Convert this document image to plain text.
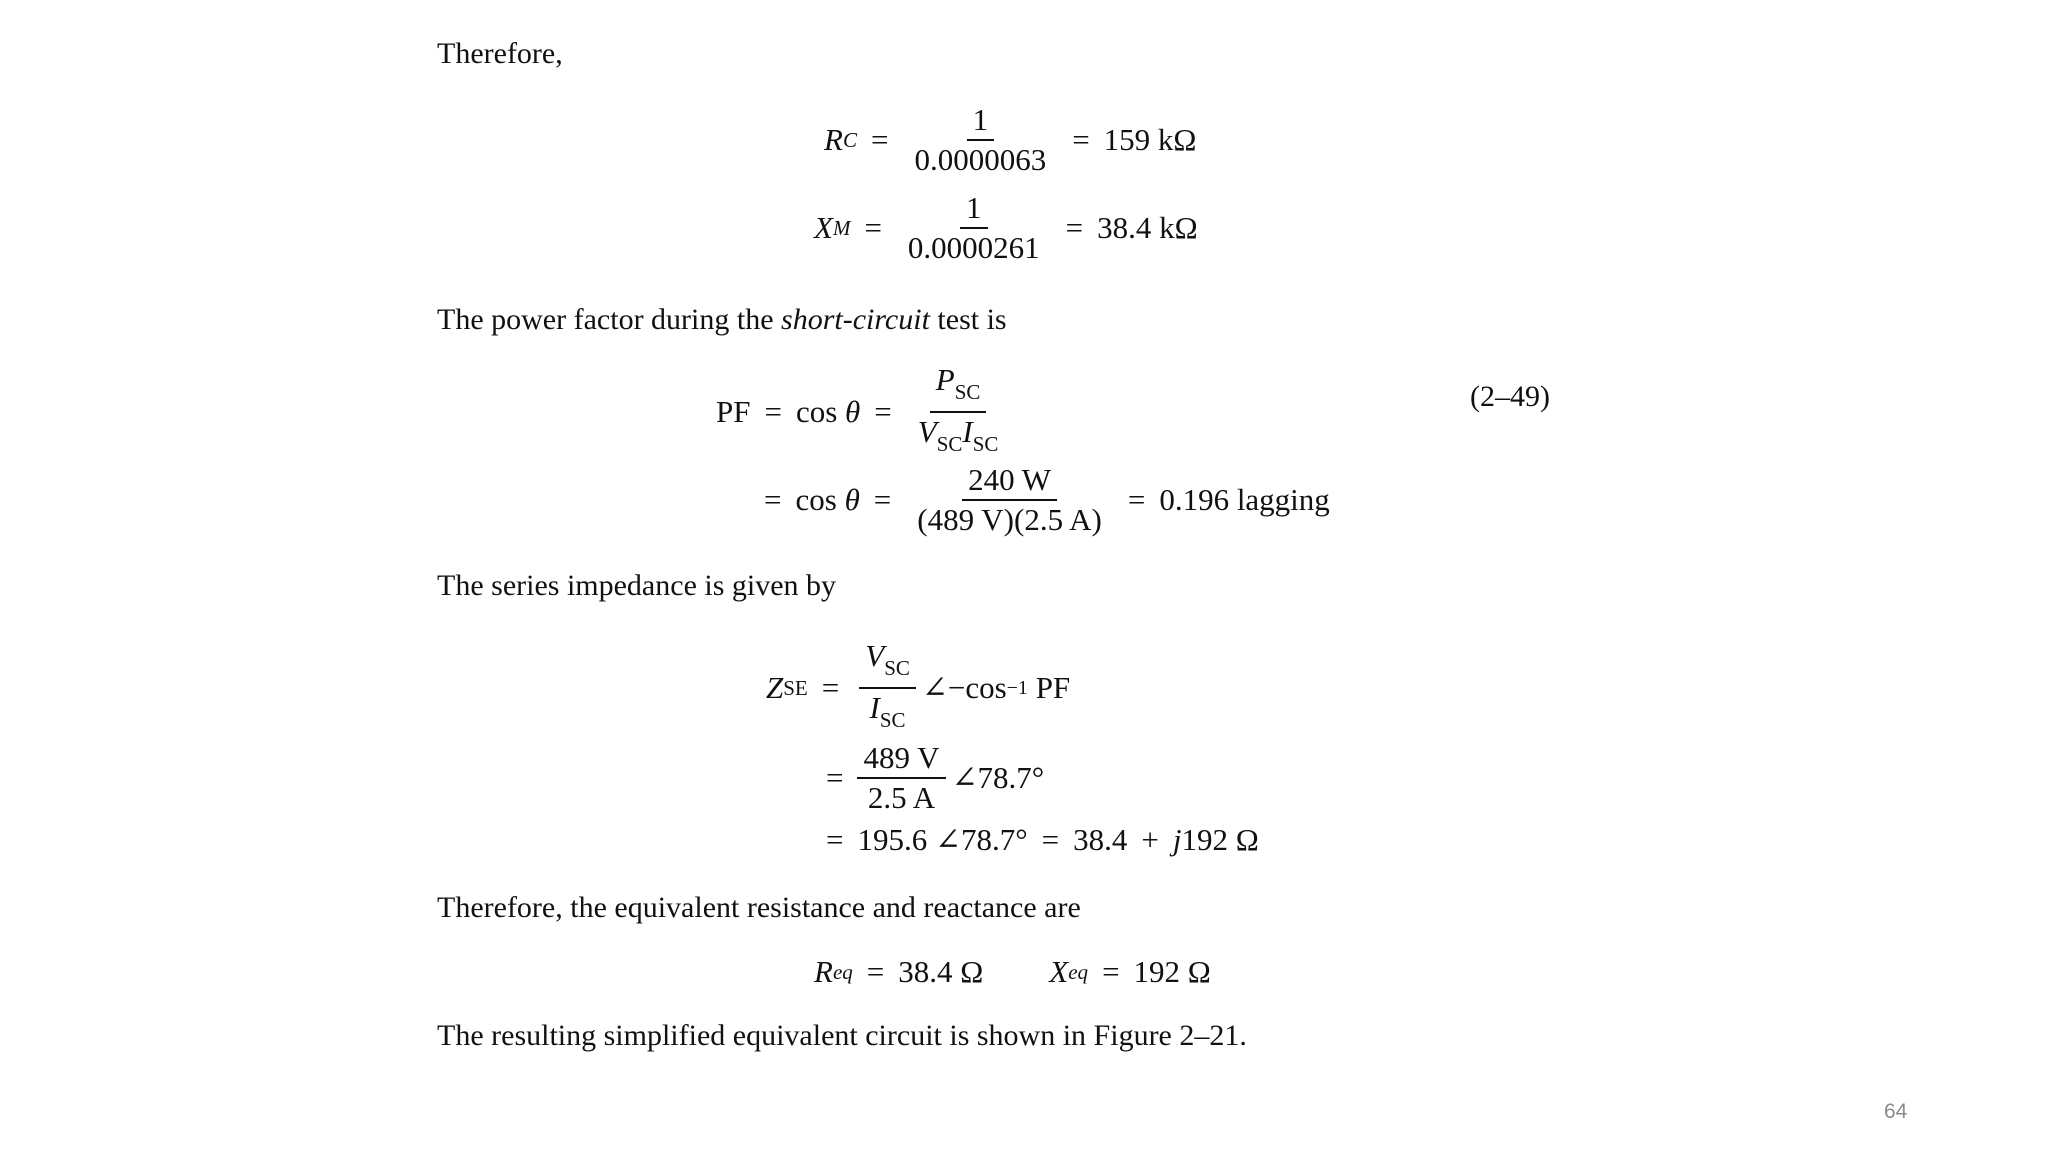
Therefore,
R $C = \frac{1}{0.0000063} = 159$ kΩ
X $M = \frac{1}{0.0000261} = 38.4$ kΩ
The power factor during the short-circuit test is
PF = cos
$\theta = \frac{P_{SC}}{V_{SC}I_{SC}}$	(2–49)
= cos
$\theta = \frac{240 W}{(489 V)(2.5 A)} = 0.196$ lagging
The series impedance is given by
Z SE = $\frac{V_{SC}}{I_{SC}}$ ∠−cos −1
PF
= $\frac{489 V}{2.5 A}$ ∠78.7°
= 195.6 ∠78.7° = 38.4 + j 192 Ω
Therefore, the equivalent resistance and reactance are
R eq = 38.4 Ω X eq = 192 Ω
The resulting simplified equivalent circuit is shown in Figure 2–21.
64
